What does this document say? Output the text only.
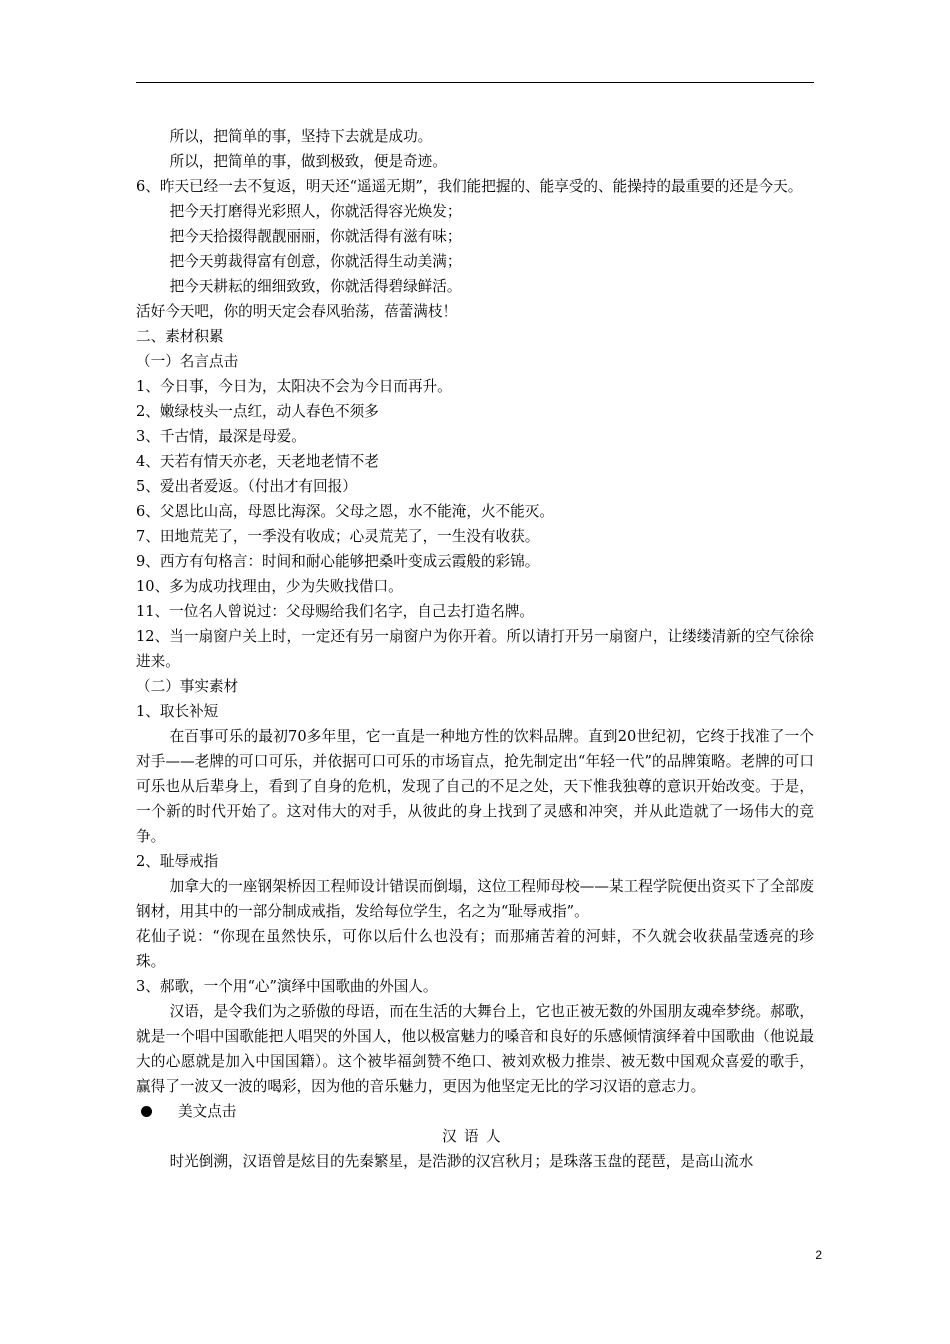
所以，把简单的事，坚持下去就是成功。

所以，把简单的事，做到极致，便是奇迹。

6、昨天已经一去不复返，明天还“遥遥无期”，我们能把握的、能享受的、能操持的最重要的还是今天。

把今天打磨得光彩照人，你就活得容光焕发；

把今天拾掇得靓靓丽丽，你就活得有滋有味；

把今天剪裁得富有创意，你就活得生动美满；

把今天耕耘的细细致致，你就活得碧绿鲜活。

活好今天吧，你的明天定会春风骀荡，蓓蕾满枝！

二、素材积累

（一）名言点击

1、今日事，今日为，太阳决不会为今日而再升。

2、嫩绿枝头一点红，动人春色不须多

3、千古情，最深是母爱。

4、天若有情天亦老，天老地老情不老

5、爱出者爱返。（付出才有回报）

6、父恩比山高，母恩比海深。父母之恩，水不能淹，火不能灭。

7、田地荒芜了，一季没有收成；心灵荒芜了，一生没有收获。

9、西方有句格言：时间和耐心能够把桑叶变成云霞般的彩锦。

10、多为成功找理由，少为失败找借口。

11、一位名人曾说过：父母赐给我们名字，自己去打造名牌。

12、当一扇窗户关上时，一定还有另一扇窗户为你开着。所以请打开另一扇窗户，让缕缕清新的空气徐徐进来。

（二）事实素材

1、取长补短

在百事可乐的最初70多年里，它一直是一种地方性的饮料品牌。直到20世纪初，它终于找准了一个对手——老牌的可口可乐，并依据可口可乐的市场盲点，抢先制定出“年轻一代”的品牌策略。老牌的可口可乐也从后辈身上，看到了自身的危机，发现了自己的不足之处，天下惟我独尊的意识开始改变。于是，一个新的时代开始了。这对伟大的对手，从彼此的身上找到了灵感和冲突，并从此造就了一场伟大的竞争。

2、耻辱戒指

加拿大的一座钢架桥因工程师设计错误而倒塌，这位工程师母校——某工程学院便出资买下了全部废钢材，用其中的一部分制成戒指，发给每位学生，名之为“耻辱戒指”。

花仙子说：“你现在虽然快乐，可你以后什么也没有；而那痛苦着的河蚌，不久就会收获晶莹透亮的珍珠。

3、郝歌，一个用“心”演绎中国歌曲的外国人。

汉语，是令我们为之骄傲的母语，而在生活的大舞台上，它也正被无数的外国朋友魂牵梦绕。郝歌，就是一个唱中国歌能把人唱哭的外国人，他以极富魅力的嗓音和良好的乐感倾情演绎着中国歌曲（他说最大的心愿就是加入中国国籍）。这个被毕福剑赞不绝口、被刘欢极力推崇、被无数中国观众喜爱的歌手，赢得了一波又一波的喝彩，因为他的音乐魅力，更因为他坚定无比的学习汉语的意志力。

美文点击

汉语人

时光倒溯，汉语曾是炫目的先秦繁星，是浩渺的汉宫秋月；是珠落玉盘的琵琶，是高山流水

2
